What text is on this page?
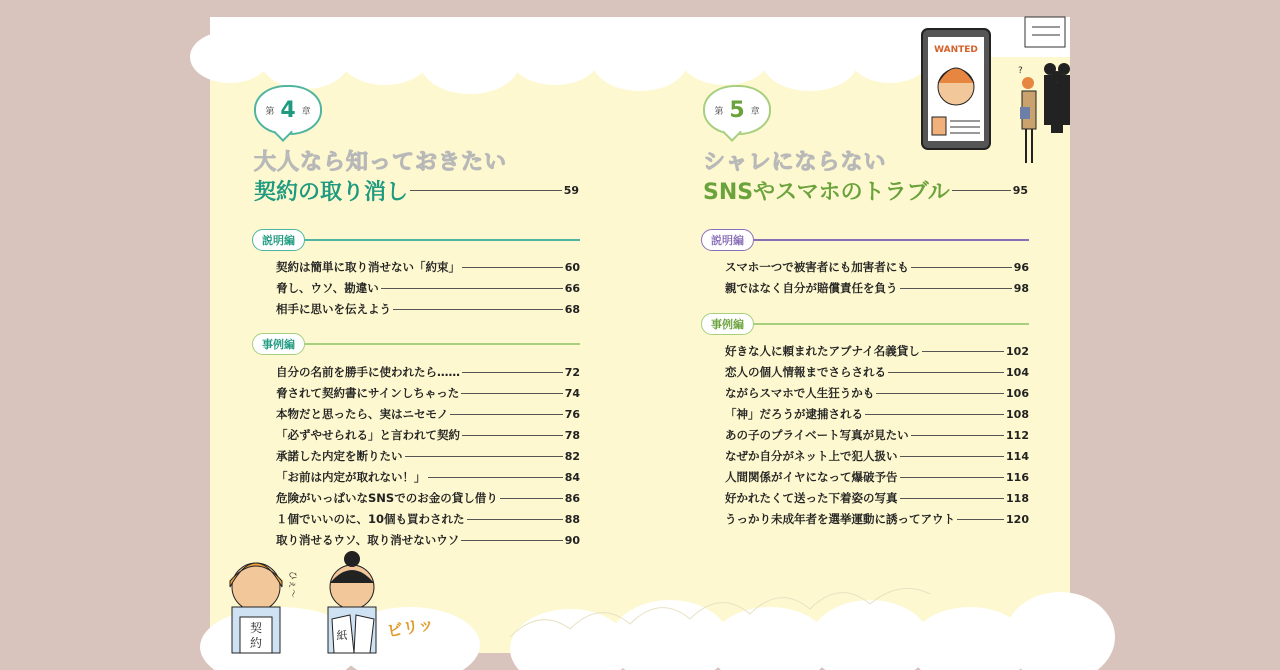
WANTED
?
契
約
紙
ひぇ〜
ビリッ
第 4 章
大人なら知っておきたい
契約の取り消し	59
説明編
契約は簡単に取り消せない「約束」	60
脅し、ウソ、勘違い	66
相手に思いを伝えよう	68
事例編
自分の名前を勝手に使われたら……	72
脅されて契約書にサインしちゃった	74
本物だと思ったら、実はニセモノ	76
「必ずやせられる」と言われて契約	78
承諾した内定を断りたい	82
「お前は内定が取れない！」	84
危険がいっぱいなSNSでのお金の貸し借り	86
１個でいいのに、10個も買わされた	88
取り消せるウソ、取り消せないウソ	90
第 5 章
シャレにならない
SNSやスマホのトラブル	95
説明編
スマホ一つで被害者にも加害者にも	96
親ではなく自分が賠償責任を負う	98
事例編
好きな人に頼まれたアブナイ名義貸し	102
恋人の個人情報までさらされる	104
ながらスマホで人生狂うかも	106
「神」だろうが逮捕される	108
あの子のプライベート写真が見たい	112
なぜか自分がネット上で犯人扱い	114
人間関係がイヤになって爆破予告	116
好かれたくて送った下着姿の写真	118
うっかり未成年者を選挙運動に誘ってアウト	120
